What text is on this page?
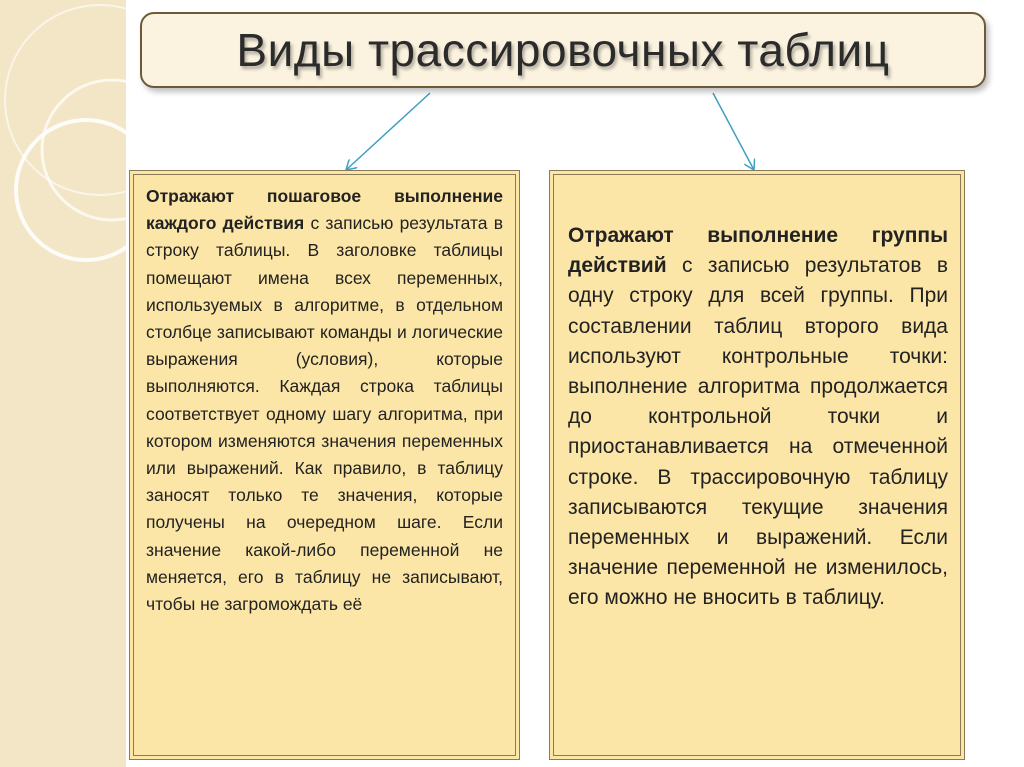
Виды трассировочных таблиц

Отражают пошаговое выполнение каждого действия с записью результата в строку таблицы. В заголовке таблицы помещают имена всех переменных, используемых в алгоритме, в отдельном столбце записывают команды и логические выражения (условия), которые выполняются. Каждая строка таблицы соответствует одному шагу алгоритма, при котором изменяются значения переменных или выражений. Как правило, в таблицу заносят только те значения, которые получены на очередном шаге. Если значение какой-либо переменной не меняется, его в таблицу не записывают, чтобы не загромождать её

Отражают выполнение группы действий с записью результатов в одну строку для всей группы. При составлении таблиц второго вида используют контрольные точки: выполнение алгоритма продолжается до контрольной точки и приостанавливается на отмеченной строке. В трассировочную таблицу записываются текущие значения переменных и выражений. Если значение переменной не изменилось, его можно не вносить в таблицу.
